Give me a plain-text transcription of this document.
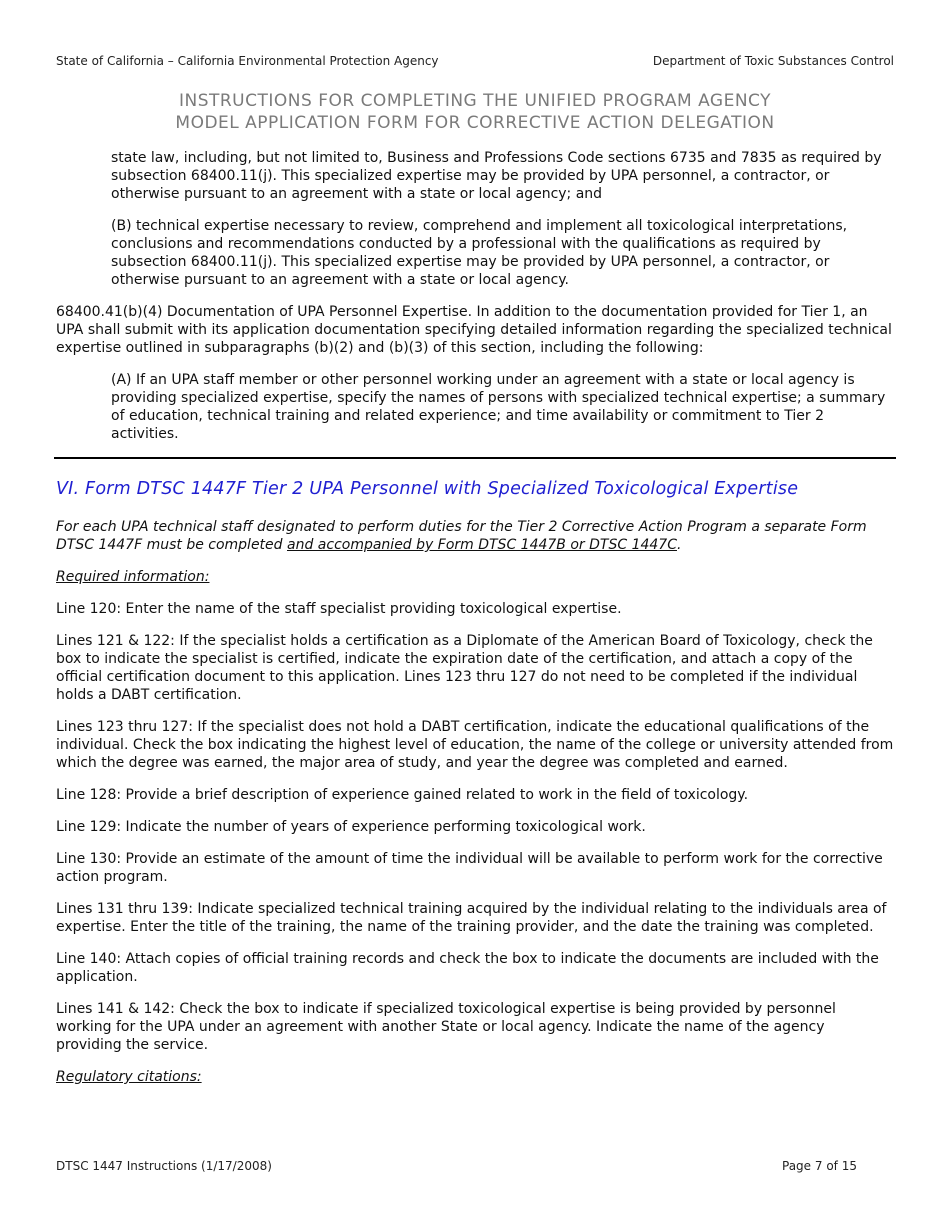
State of California – California Environmental Protection Agency	Department of Toxic Substances Control
INSTRUCTIONS FOR COMPLETING THE UNIFIED PROGRAM AGENCY
MODEL APPLICATION FORM FOR CORRECTIVE ACTION DELEGATION

state law, including, but not limited to, Business and Professions Code sections 6735 and 7835 as required by subsection 68400.11(j). This specialized expertise may be provided by UPA personnel, a contractor, or otherwise pursuant to an agreement with a state or local agency; and

(B) technical expertise necessary to review, comprehend and implement all toxicological interpretations, conclusions and recommendations conducted by a professional with the qualifications as required by subsection 68400.11(j). This specialized expertise may be provided by UPA personnel, a contractor, or otherwise pursuant to an agreement with a state or local agency.

68400.41(b)(4) Documentation of UPA Personnel Expertise. In addition to the documentation provided for Tier 1, an UPA shall submit with its application documentation specifying detailed information regarding the specialized technical expertise outlined in subparagraphs (b)(2) and (b)(3) of this section, including the following:

(A) If an UPA staff member or other personnel working under an agreement with a state or local agency is providing specialized expertise, specify the names of persons with specialized technical expertise; a summary of education, technical training and related experience; and time availability or commitment to Tier 2 activities.

VI. Form DTSC 1447F Tier 2 UPA Personnel with Specialized Toxicological Expertise

For each UPA technical staff designated to perform duties for the Tier 2 Corrective Action Program a separate Form DTSC 1447F must be completed and accompanied by Form DTSC 1447B or DTSC 1447C.

Required information:

Line 120: Enter the name of the staff specialist providing toxicological expertise.

Lines 121 & 122: If the specialist holds a certification as a Diplomate of the American Board of Toxicology, check the box to indicate the specialist is certified, indicate the expiration date of the certification, and attach a copy of the official certification document to this application. Lines 123 thru 127 do not need to be completed if the individual holds a DABT certification.

Lines 123 thru 127: If the specialist does not hold a DABT certification, indicate the educational qualifications of the individual. Check the box indicating the highest level of education, the name of the college or university attended from which the degree was earned, the major area of study, and year the degree was completed and earned.

Line 128: Provide a brief description of experience gained related to work in the field of toxicology.

Line 129: Indicate the number of years of experience performing toxicological work.

Line 130: Provide an estimate of the amount of time the individual will be available to perform work for the corrective action program.

Lines 131 thru 139: Indicate specialized technical training acquired by the individual relating to the individuals area of expertise. Enter the title of the training, the name of the training provider, and the date the training was completed.

Line 140: Attach copies of official training records and check the box to indicate the documents are included with the application.

Lines 141 & 142: Check the box to indicate if specialized toxicological expertise is being provided by personnel working for the UPA under an agreement with another State or local agency. Indicate the name of the agency providing the service.

Regulatory citations:

DTSC 1447 Instructions (1/17/2008)	Page 7 of 15
